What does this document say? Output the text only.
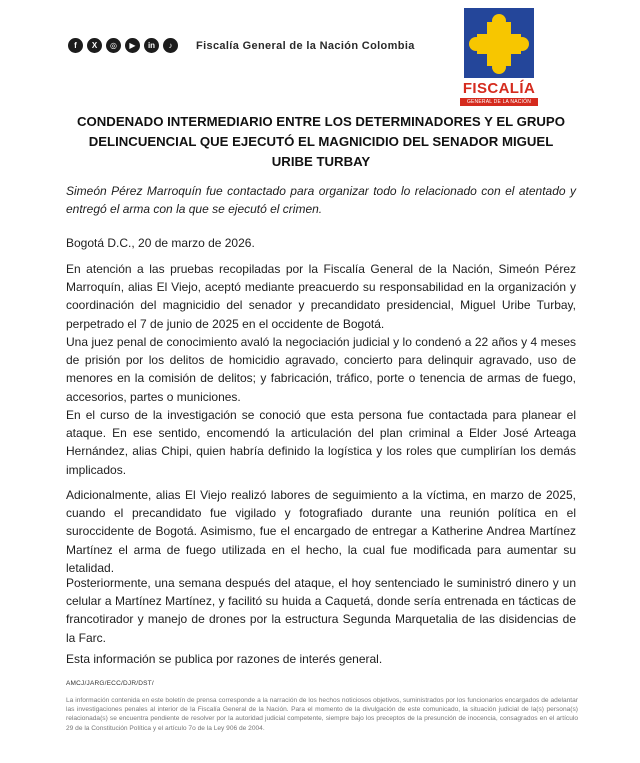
f	X	◎	▶	in	♪	Fiscalía General de la Nación Colombia
FISCALÍA
GENERAL DE LA NACIÓN
CONDENADO INTERMEDIARIO ENTRE LOS DETERMINADORES Y EL GRUPO DELINCUENCIAL QUE EJECUTÓ EL MAGNICIDIO DEL SENADOR MIGUEL URIBE TURBAY

Simeón Pérez Marroquín fue contactado para organizar todo lo relacionado con el atentado y entregó el arma con la que se ejecutó el crimen.

Bogotá D.C., 20 de marzo de 2026.

En atención a las pruebas recopiladas por la Fiscalía General de la Nación, Simeón Pérez Marroquín, alias El Viejo, aceptó mediante preacuerdo su responsabilidad en la organización y coordinación del magnicidio del senador y precandidato presidencial, Miguel Uribe Turbay, perpetrado el 7 de junio de 2025 en el occidente de Bogotá.

Una juez penal de conocimiento avaló la negociación judicial y lo condenó a 22 años y 4 meses de prisión por los delitos de homicidio agravado, concierto para delinquir agravado, uso de menores en la comisión de delitos; y fabricación, tráfico, porte o tenencia de armas de fuego, accesorios, partes o municiones.

En el curso de la investigación se conoció que esta persona fue contactada para planear el ataque. En ese sentido, encomendó la articulación del plan criminal a Elder José Arteaga Hernández, alias Chipi, quien habría definido la logística y los roles que cumplirían los demás implicados.

Adicionalmente, alias El Viejo realizó labores de seguimiento a la víctima, en marzo de 2025, cuando el precandidato fue vigilado y fotografiado durante una reunión política en el suroccidente de Bogotá. Asimismo, fue el encargado de entregar a Katherine Andrea Martínez Martínez el arma de fuego utilizada en el hecho, la cual fue modificada para aumentar su letalidad.

Posteriormente, una semana después del ataque, el hoy sentenciado le suministró dinero y un celular a Martínez Martínez, y facilitó su huida a Caquetá, donde sería entrenada en tácticas de francotirador y manejo de drones por la estructura Segunda Marquetalia de las disidencias de la Farc.

Esta información se publica por razones de interés general.

AMCJ/JARG/ECC/DJR/DST/

La información contenida en este boletín de prensa corresponde a la narración de los hechos noticiosos objetivos, suministrados por los funcionarios encargados de adelantar las investigaciones penales al interior de la Fiscalía General de la Nación. Para el momento de la divulgación de este comunicado, la situación judicial de la(s) persona(s) relacionada(s) se encuentra pendiente de resolver por la autoridad judicial competente, siempre bajo los preceptos de la presunción de inocencia, consagrados en el artículo 29 de la Constitución Política y el artículo 7o de la Ley 906 de 2004.
